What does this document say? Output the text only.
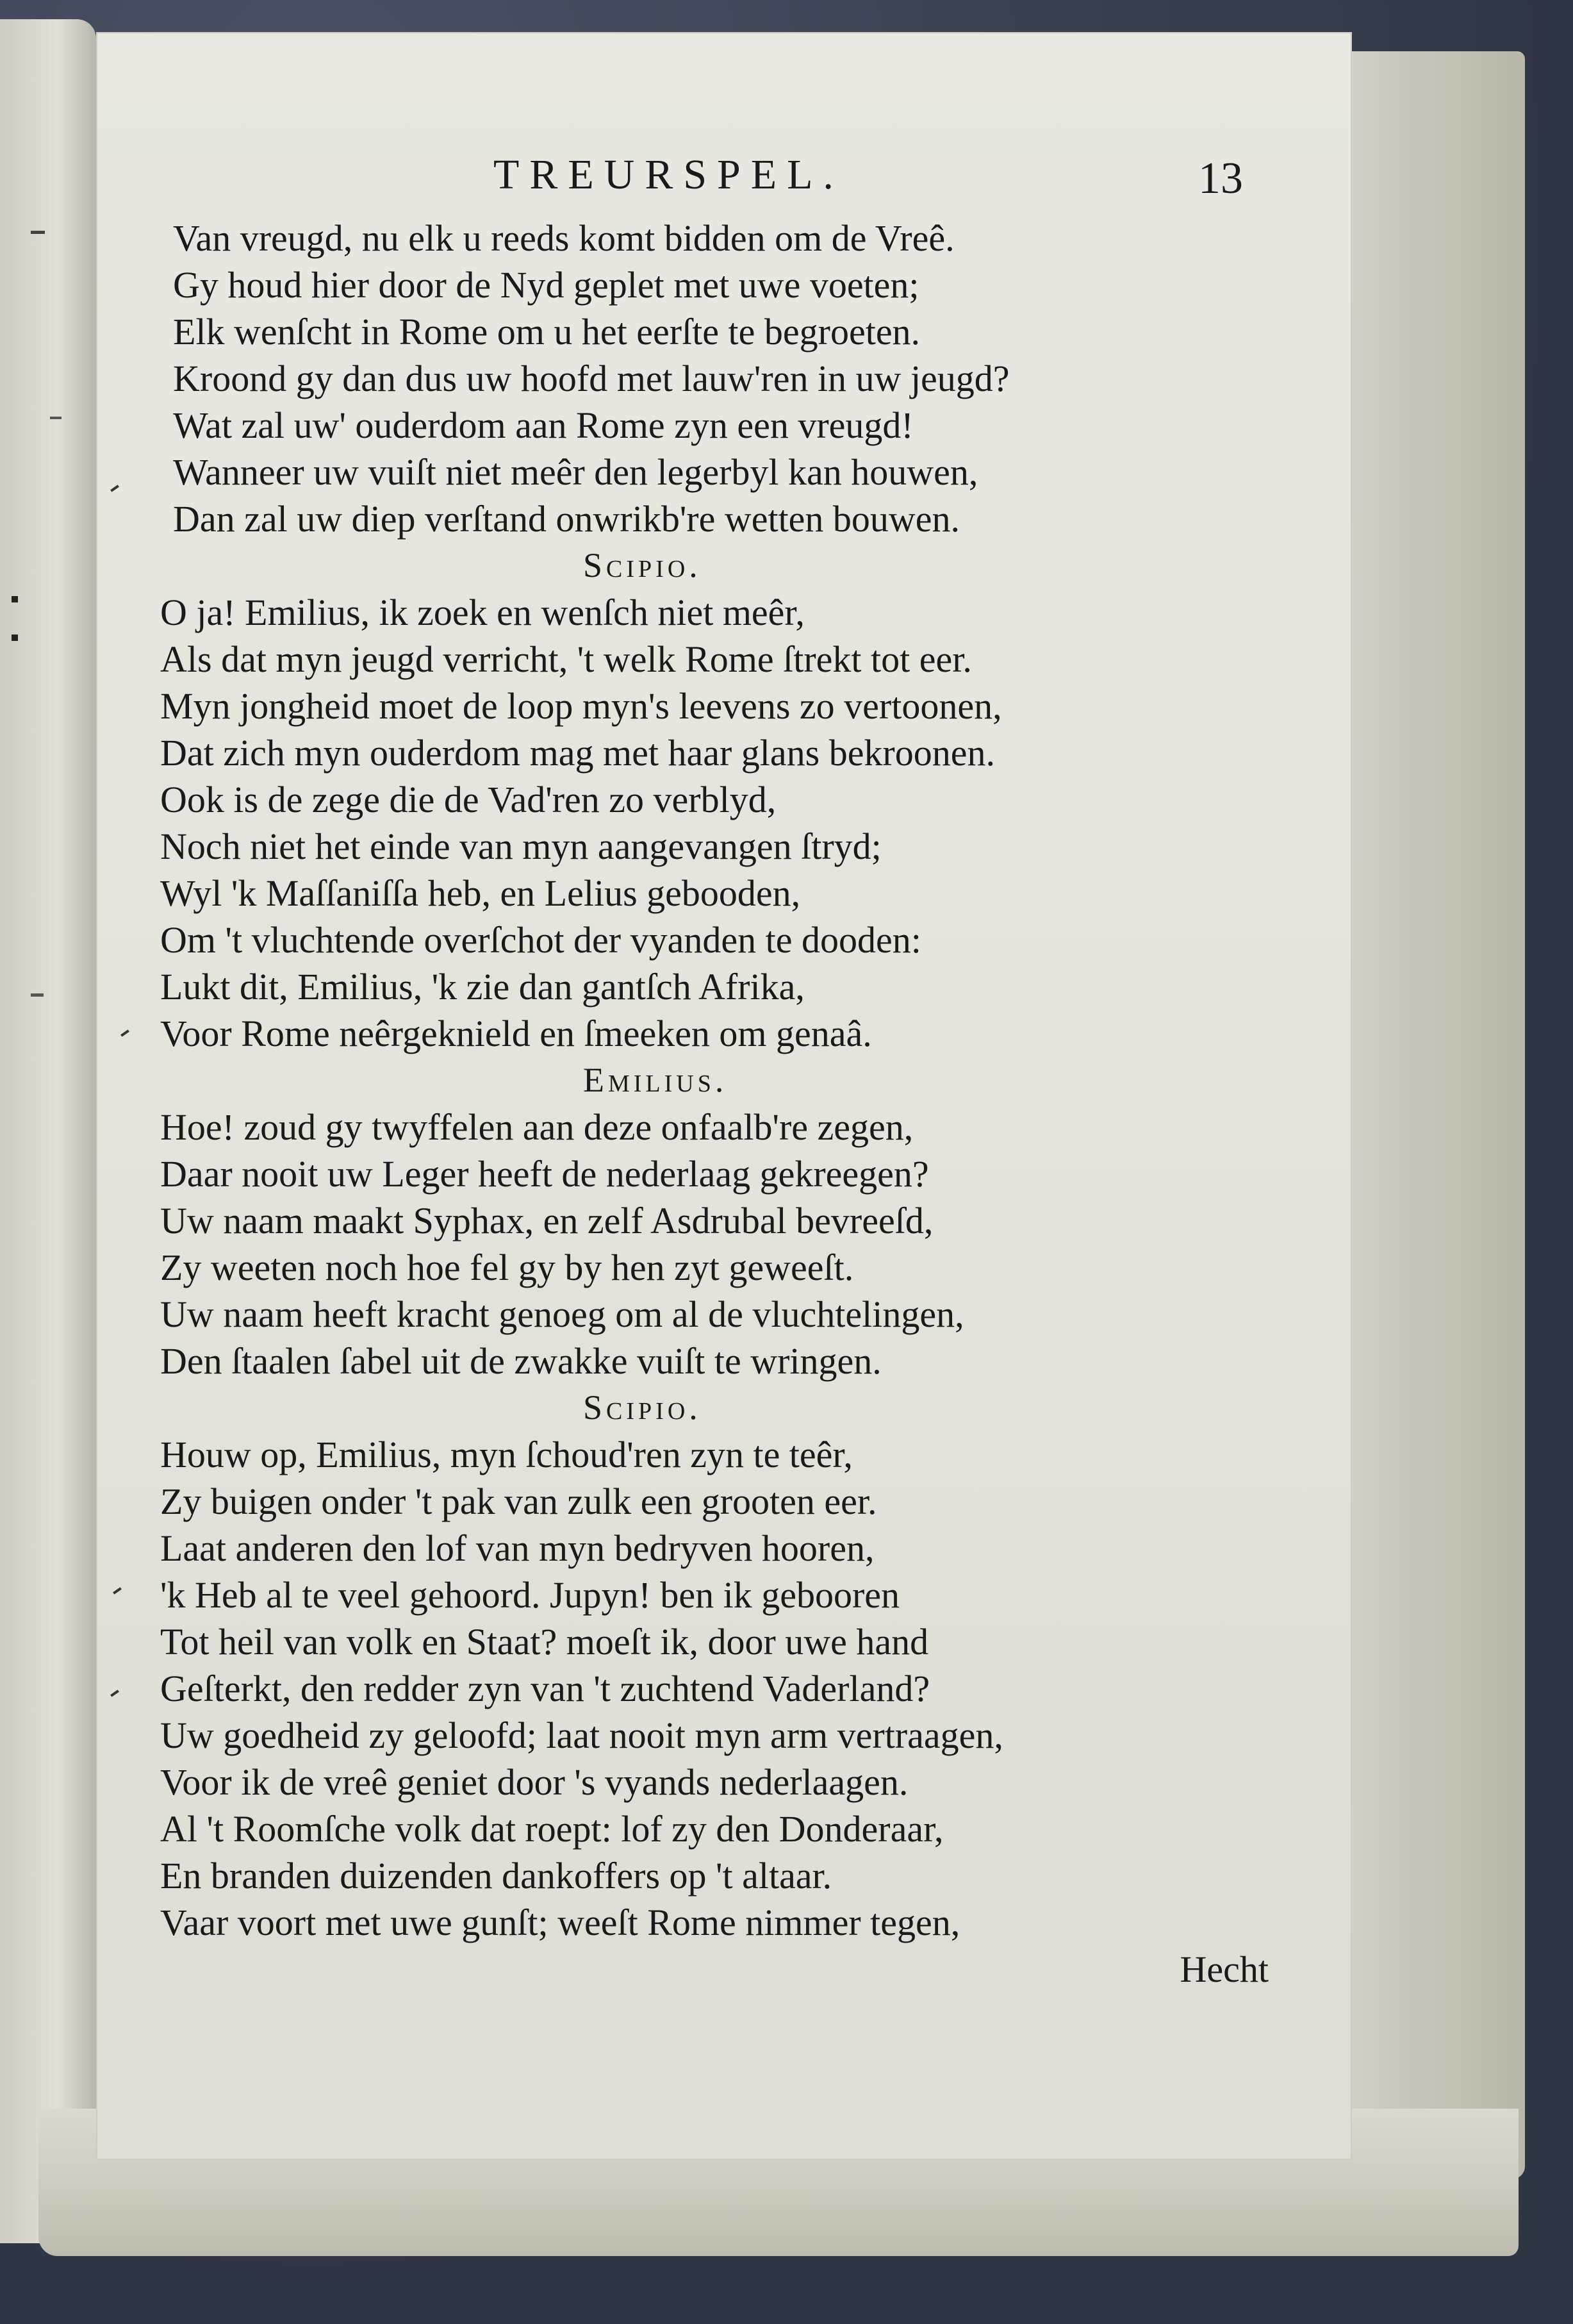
TREURSPEL.	13
Van vreugd, nu elk u reeds komt bidden om de Vreê.
Gy houd hier door de Nyd geplet met uwe voeten;
Elk wenſcht in Rome om u het eerſte te begroeten.
Kroond gy dan dus uw hoofd met lauw'ren in uw jeugd?
Wat zal uw' ouderdom aan Rome zyn een vreugd!
Wanneer uw vuiſt niet meêr den legerbyl kan houwen,
Dan zal uw diep verſtand onwrikb're wetten bouwen.
Scipio.
O ja! Emilius, ik zoek en wenſch niet meêr,
Als dat myn jeugd verricht, 't welk Rome ſtrekt tot eer.
Myn jongheid moet de loop myn's leevens zo vertoonen,
Dat zich myn ouderdom mag met haar glans bekroonen.
Ook is de zege die de Vad'ren zo verblyd,
Noch niet het einde van myn aangevangen ſtryd;
Wyl 'k Maſſaniſſa heb, en Lelius gebooden,
Om 't vluchtende overſchot der vyanden te dooden:
Lukt dit, Emilius, 'k zie dan gantſch Afrika,
Voor Rome neêrgeknield en ſmeeken om genaâ.
Emilius.
Hoe! zoud gy twyffelen aan deze onfaalb're zegen,
Daar nooit uw Leger heeft de nederlaag gekreegen?
Uw naam maakt Syphax, en zelf Asdrubal bevreeſd,
Zy weeten noch hoe fel gy by hen zyt geweeſt.
Uw naam heeft kracht genoeg om al de vluchtelingen,
Den ſtaalen ſabel uit de zwakke vuiſt te wringen.
Scipio.
Houw op, Emilius, myn ſchoud'ren zyn te teêr,
Zy buigen onder 't pak van zulk een grooten eer.
Laat anderen den lof van myn bedryven hooren,
'k Heb al te veel gehoord. Jupyn! ben ik gebooren
Tot heil van volk en Staat? moeſt ik, door uwe hand
Geſterkt, den redder zyn van 't zuchtend Vaderland?
Uw goedheid zy geloofd; laat nooit myn arm vertraagen,
Voor ik de vreê geniet door 's vyands nederlaagen.
Al 't Roomſche volk dat roept: lof zy den Donderaar,
En branden duizenden dankoffers op 't altaar.
Vaar voort met uwe gunſt; weeſt Rome nimmer tegen,
Hecht
